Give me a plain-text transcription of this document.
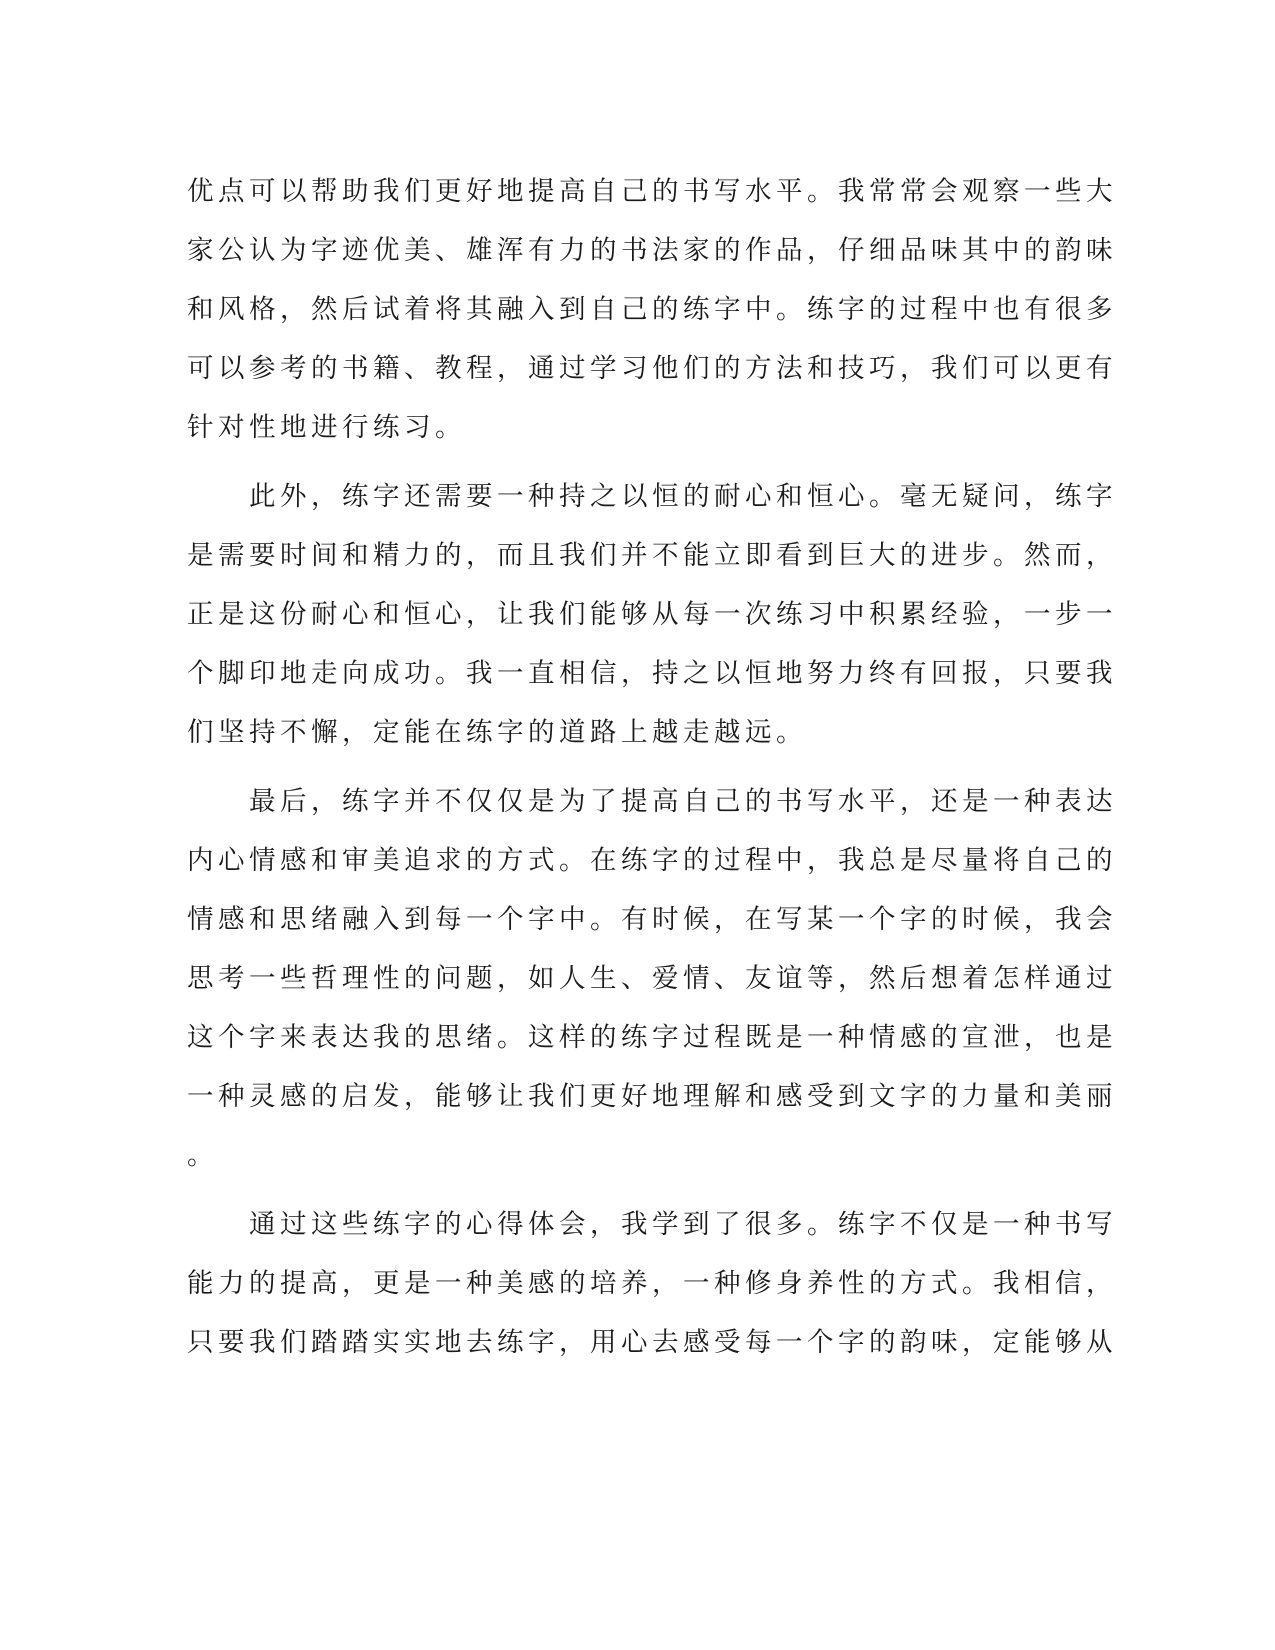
优点可以帮助我们更好地提高自己的书写水平。我常常会观察一些大
家公认为字迹优美、雄浑有力的书法家的作品，仔细品味其中的韵味
和风格，然后试着将其融入到自己的练字中。练字的过程中也有很多
可以参考的书籍、教程，通过学习他们的方法和技巧，我们可以更有
针对性地进行练习。
　　此外，练字还需要一种持之以恒的耐心和恒心。毫无疑问，练字
是需要时间和精力的，而且我们并不能立即看到巨大的进步。然而，
正是这份耐心和恒心，让我们能够从每一次练习中积累经验，一步一
个脚印地走向成功。我一直相信，持之以恒地努力终有回报，只要我
们坚持不懈，定能在练字的道路上越走越远。
　　最后，练字并不仅仅是为了提高自己的书写水平，还是一种表达
内心情感和审美追求的方式。在练字的过程中，我总是尽量将自己的
情感和思绪融入到每一个字中。有时候，在写某一个字的时候，我会
思考一些哲理性的问题，如人生、爱情、友谊等，然后想着怎样通过
这个字来表达我的思绪。这样的练字过程既是一种情感的宣泄，也是
一种灵感的启发，能够让我们更好地理解和感受到文字的力量和美丽
。
　　通过这些练字的心得体会，我学到了很多。练字不仅是一种书写
能力的提高，更是一种美感的培养，一种修身养性的方式。我相信，
只要我们踏踏实实地去练字，用心去感受每一个字的韵味，定能够从
